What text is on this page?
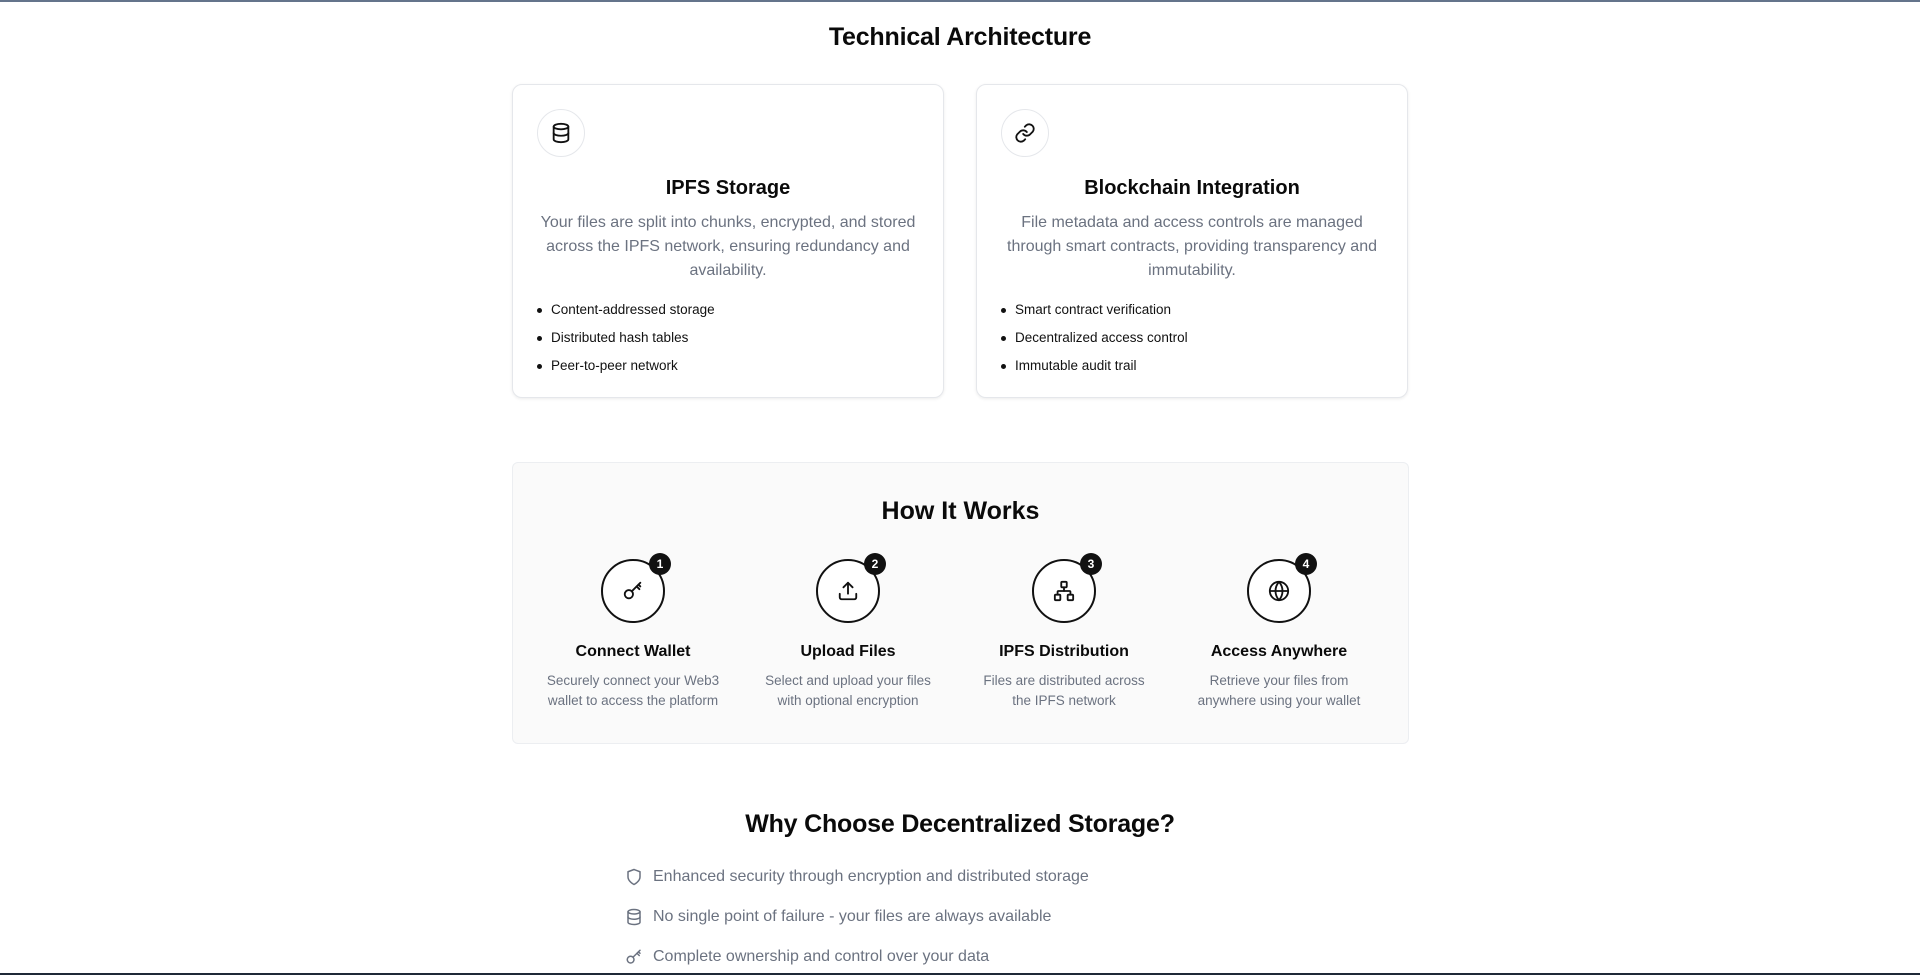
Technical Architecture
IPFS Storage

Your files are split into chunks, encrypted, and stored
across the IPFS network, ensuring redundancy and
availability.

Content-addressed storage
Distributed hash tables
Peer-to-peer network
Blockchain Integration

File metadata and access controls are managed
through smart contracts, providing transparency and
immutability.

Smart contract verification
Decentralized access control
Immutable audit trail
How It Works
1
Connect Wallet

Securely connect your Web3
wallet to access the platform

2
Upload Files

Select and upload your files
with optional encryption

3
IPFS Distribution

Files are distributed across
the IPFS network

4
Access Anywhere

Retrieve your files from
anywhere using your wallet

Why Choose Decentralized Storage?
Enhanced security through encryption and distributed storage
No single point of failure - your files are always available
Complete ownership and control over your data
